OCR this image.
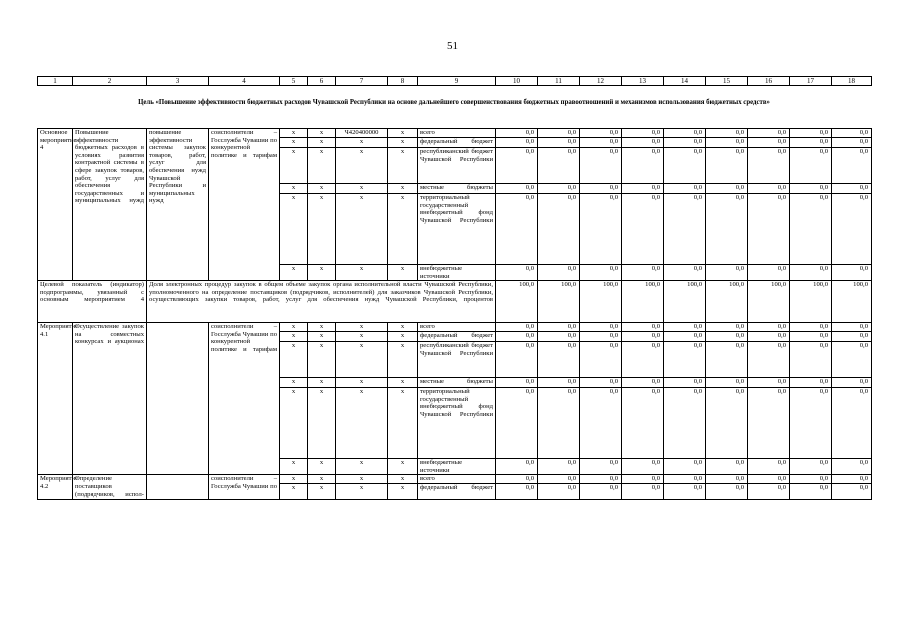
51
1	2	3	4	5	6	7	8	9	10	11	12	13	14	15	16	17	18
Цель «Повышение эффективности бюджетных расходов Чувашской Республики на основе дальнейшего совершенствования бюджетных правоотношений и механизмов использования бюджетных средств»
Основное мероприятие 4	Повышение эффективности бюджетных расходов в условиях развития контрактной системы в сфере закупок товаров, работ, услуг для обеспечения государственных и муниципальных нужд	повышение эффективности системы закупок товаров, работ, услуг для обеспечения нужд Чувашской Республики и муниципальных нужд	соисполнители – Госслужба Чувашии по конкурентной политике и тарифам	x	x	Ч420400000	x	всего	0,0	0,0	0,0	0,0	0,0	0,0	0,0	0,0	0,0
				x	x	x	x	федеральный бюджет	0,0	0,0	0,0	0,0	0,0	0,0	0,0	0,0	0,0
				x	x	x	x	республиканский бюджет Чувашской Республики	0,0	0,0	0,0	0,0	0,0	0,0	0,0	0,0	0,0
				x	x	x	x	местные бюджеты	0,0	0,0	0,0	0,0	0,0	0,0	0,0	0,0	0,0
				x	x	x	x	территориальный государственный внебюджетный фонд Чувашской Республики	0,0	0,0	0,0	0,0	0,0	0,0	0,0	0,0	0,0
				x	x	x	x	внебюджетные источники	0,0	0,0	0,0	0,0	0,0	0,0	0,0	0,0	0,0
Целевой показатель (индикатор) подпрограммы, увязанный с основным мероприятием 4		Доля электронных процедур закупок в общем объеме закупок органа исполнительной власти Чувашской Республики, уполномоченного на определение поставщиков (подрядчиков, исполнителей) для заказчиков Чувашской Республики, осуществляющих закупки товаров, работ, услуг для обеспечения нужд Чувашской Республики, процентов							100,0	100,0	100,0	100,0	100,0	100,0	100,0	100,0	100,0
Мероприятие 4.1	Осуществление закупок на совместных конкурсах и аукционах		соисполнители – Госслужба Чувашии по конкурентной политике и тарифам	x	x	x	x	всего	0,0	0,0	0,0	0,0	0,0	0,0	0,0	0,0	0,0
				x	x	x	x	федеральный бюджет	0,0	0,0	0,0	0,0	0,0	0,0	0,0	0,0	0,0
				x	x	x	x	республиканский бюджет Чувашской Республики	0,0	0,0	0,0	0,0	0,0	0,0	0,0	0,0	0,0
				x	x	x	x	местные бюджеты	0,0	0,0	0,0	0,0	0,0	0,0	0,0	0,0	0,0
				x	x	x	x	территориальный государственный внебюджетный фонд Чувашской Республики	0,0	0,0	0,0	0,0	0,0	0,0	0,0	0,0	0,0
				x	x	x	x	внебюджетные источники	0,0	0,0	0,0	0,0	0,0	0,0	0,0	0,0	0,0
Мероприятие 4.2	Определение поставщиков (подрядчиков, испол-		соисполнители – Госслужба Чувашии по	x	x	x	x	всего	0,0	0,0	0,0	0,0	0,0	0,0	0,0	0,0	0,0
				x	x	x	x	федеральный бюджет	0,0	0,0	0,0	0,0	0,0	0,0	0,0	0,0	0,0
